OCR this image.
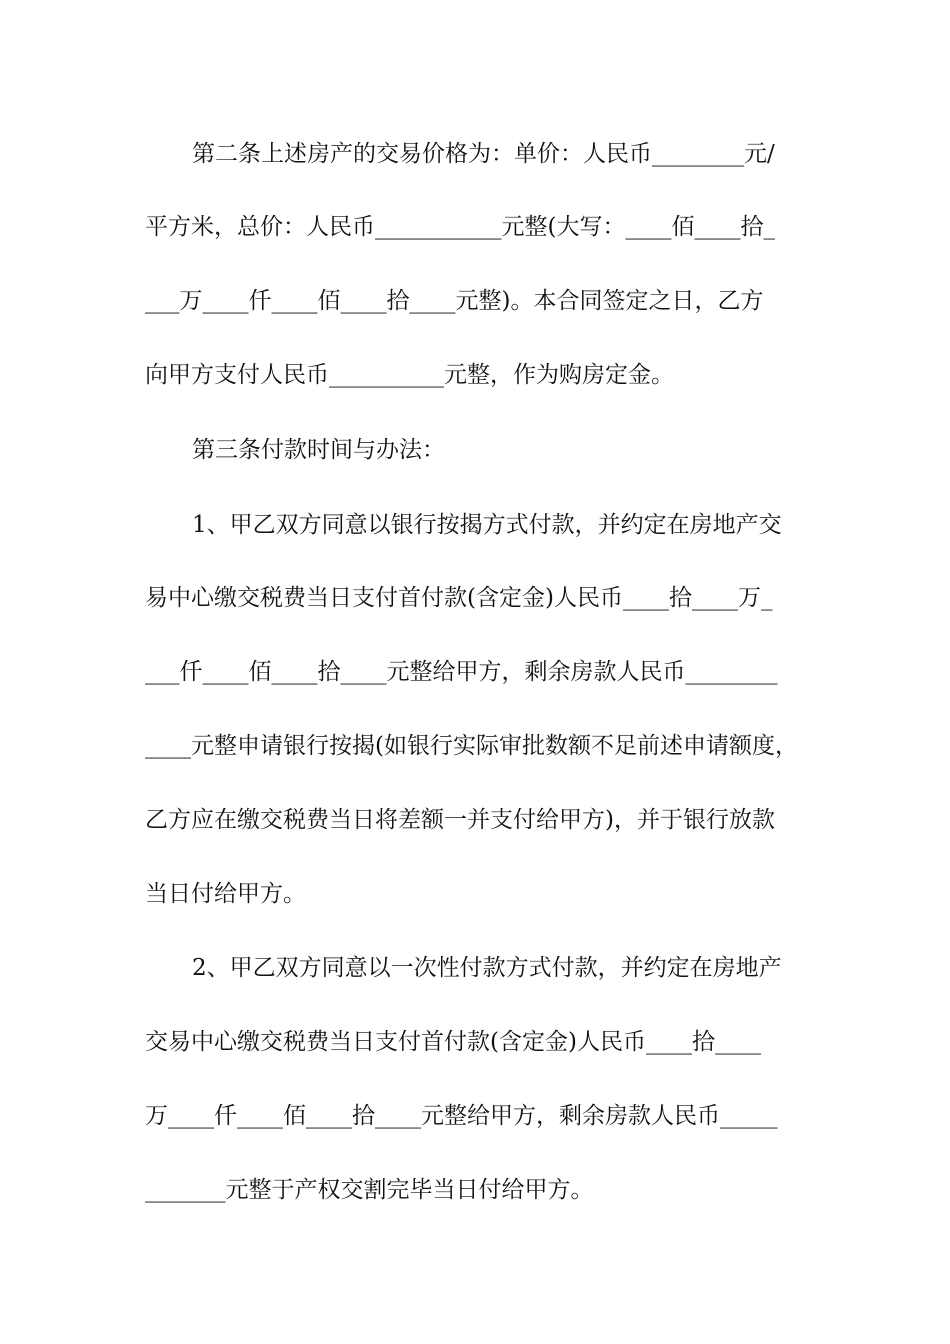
第二条上述房产的交易价格为：单价：人民币________元/
平方米，总价：人民币___________元整(大写：____佰____拾_
___万____仟____佰____拾____元整)。本合同签定之日，乙方
向甲方支付人民币__________元整，作为购房定金。
第三条付款时间与办法：
1、甲乙双方同意以银行按揭方式付款，并约定在房地产交
易中心缴交税费当日支付首付款(含定金)人民币____拾____万_
___仟____佰____拾____元整给甲方，剩余房款人民币________
____元整申请银行按揭(如银行实际审批数额不足前述申请额度，
乙方应在缴交税费当日将差额一并支付给甲方)，并于银行放款
当日付给甲方。
2、甲乙双方同意以一次性付款方式付款，并约定在房地产
交易中心缴交税费当日支付首付款(含定金)人民币____拾____
万____仟____佰____拾____元整给甲方，剩余房款人民币_____
_______元整于产权交割完毕当日付给甲方。
